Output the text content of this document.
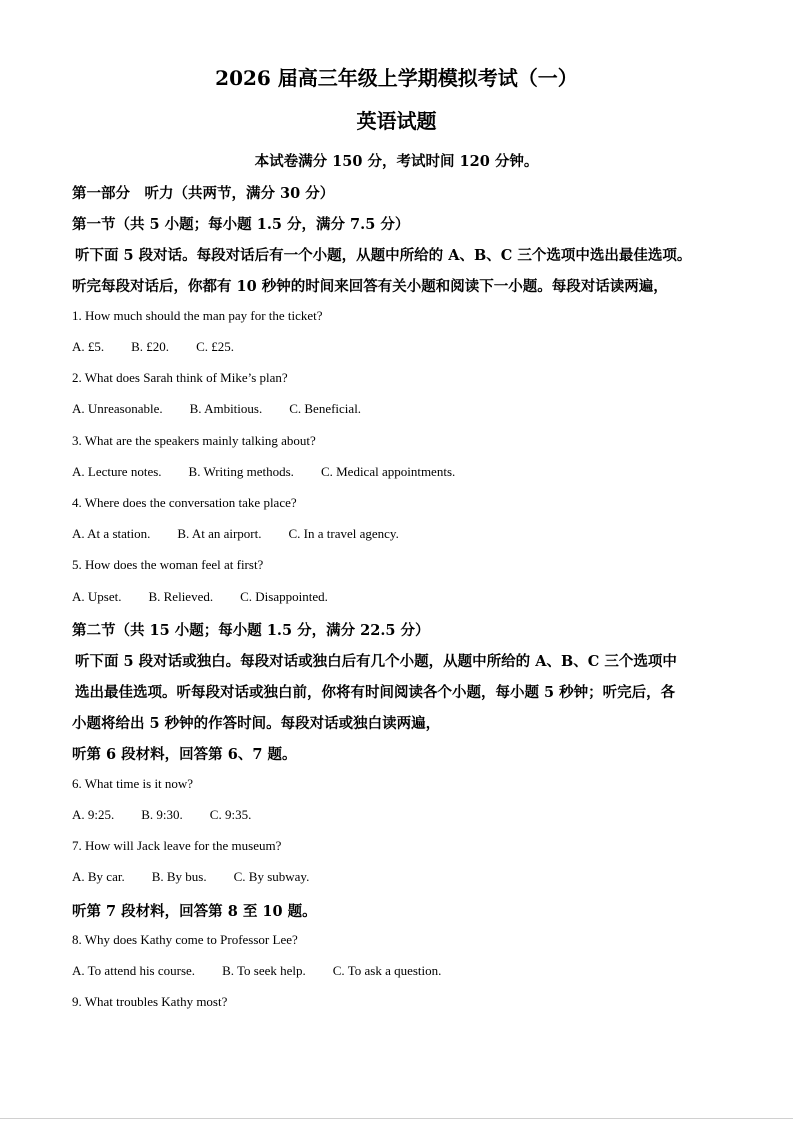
2026 届高三年级上学期模拟考试（一）
英语试题
本试卷满分 150 分，考试时间 120 分钟。
第一部分　听力（共两节，满分 30 分）
第一节（共 5 小题；每小题 1.5 分，满分 7.5 分）
听下面 5 段对话。每段对话后有一个小题，从题中所给的 A、B、C 三个选项中选出最佳选项。
听完每段对话后，你都有 10 秒钟的时间来回答有关小题和阅读下一小题。每段对话读两遍，
1. How much should the man pay for the ticket?
A. £5. B. £20. C. £25.
2. What does Sarah think of Mike’s plan?
A. Unreasonable. B. Ambitious. C. Beneficial.
3. What are the speakers mainly talking about?
A. Lecture notes. B. Writing methods. C. Medical appointments.
4. Where does the conversation take place?
A. At a station. B. At an airport. C. In a travel agency.
5. How does the woman feel at first?
A. Upset. B. Relieved. C. Disappointed.
第二节（共 15 小题；每小题 1.5 分，满分 22.5 分）
听下面 5 段对话或独白。每段对话或独白后有几个小题，从题中所给的 A、B、C 三个选项中
选出最佳选项。听每段对话或独白前，你将有时间阅读各个小题，每小题 5 秒钟；听完后，各
小题将给出 5 秒钟的作答时间。每段对话或独白读两遍，
听第 6 段材料，回答第 6、7 题。
6. What time is it now?
A. 9:25. B. 9:30. C. 9:35.
7. How will Jack leave for the museum?
A. By car. B. By bus. C. By subway.
听第 7 段材料，回答第 8 至 10 题。
8. Why does Kathy come to Professor Lee?
A. To attend his course. B. To seek help. C. To ask a question.
9. What troubles Kathy most?
